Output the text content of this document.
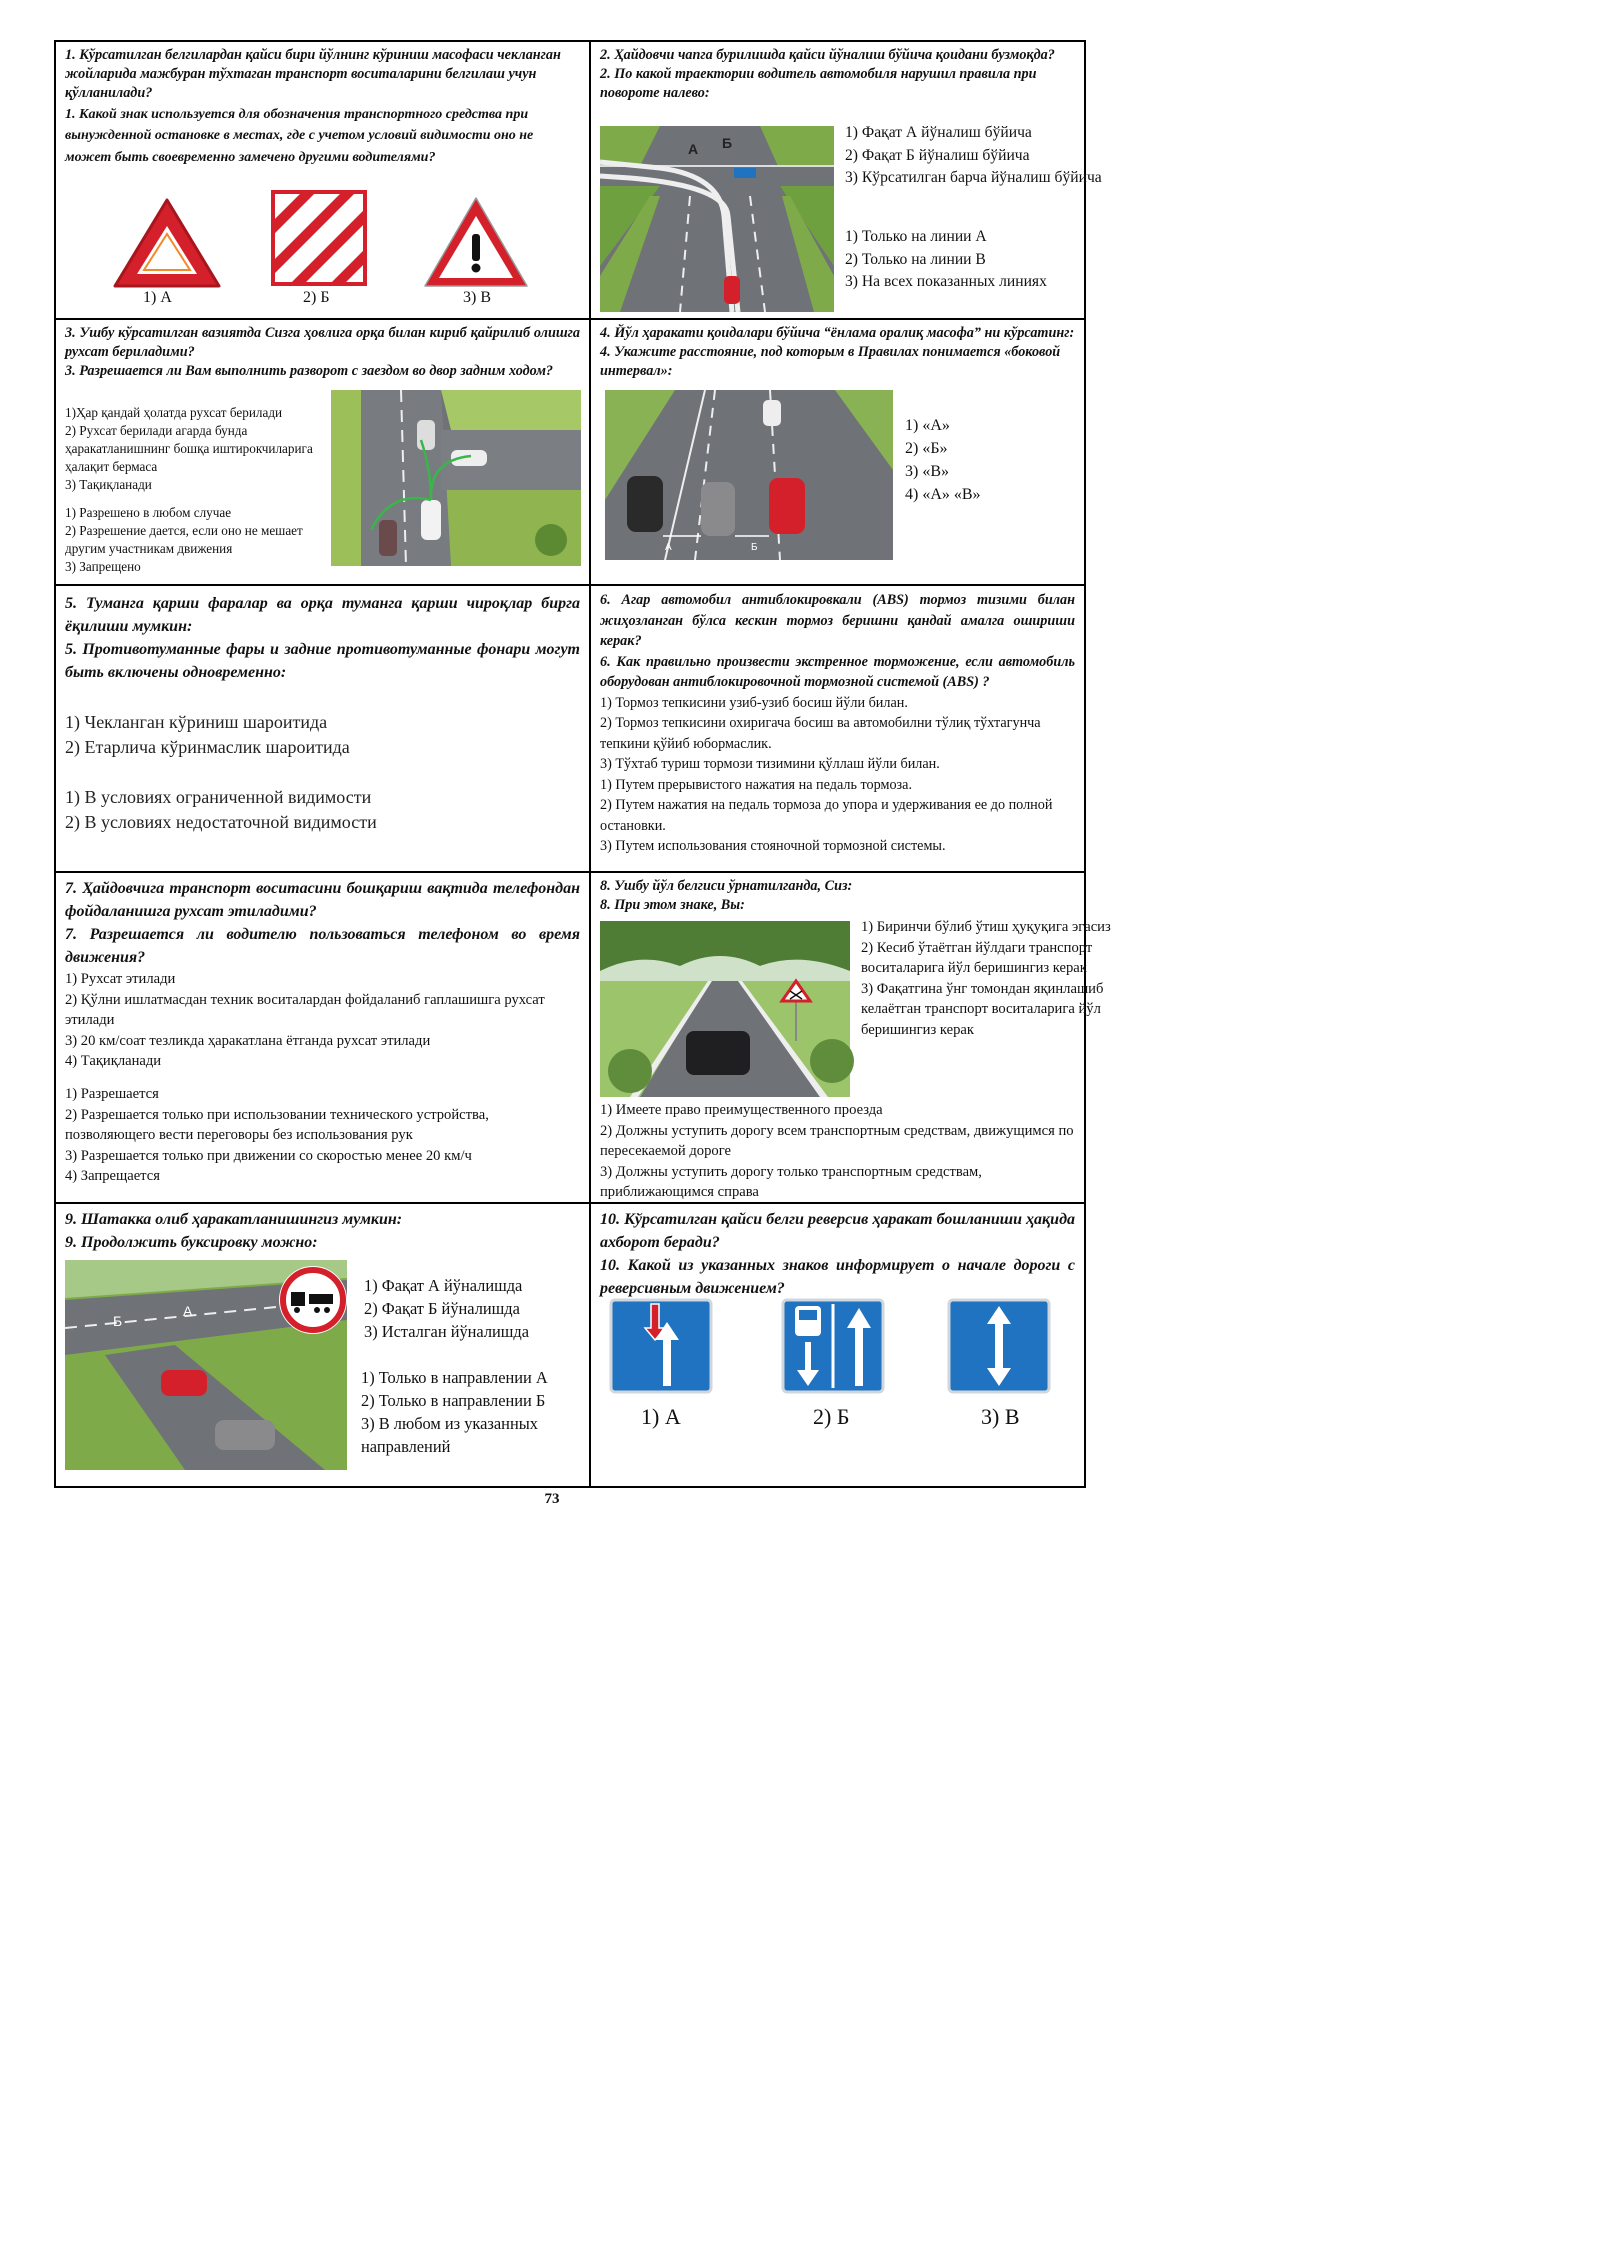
1. Кўрсатилган белгилардан қайси бири йўлнинг кўриниш масофаси чекланган жойларида мажбуран тўхтаган транспорт воситаларини белгилаш учун қўлланилади?
1. Какой знак используется для обозначения транспортного средства при вынужденной остановке в местах, где с учетом условий видимости оно не может быть своевременно замечено другими водителями?
1) А	2) Б	3) В
2. Ҳайдовчи чапга бурилишда қайси йўналиш бўйича қоидани бузмоқда?
2. По какой траектории водитель автомобиля нарушил правила при повороте налево:
А Б
1) Фақат А йўналиш бўйича
2) Фақат Б йўналиш бўйича
3) Кўрсатилган барча йўналиш бўйича
1) Только на линии А
2) Только на линии В
3) На всех показанных линиях
3. Ушбу кўрсатилган вазиятда Сизга ҳовлига орқа билан кириб қайрилиб олишга рухсат бериладими?
3. Разрешается ли Вам выполнить разворот с заездом во двор задним ходом?
1)Ҳар қандай ҳолатда рухсат берилади
2) Рухсат берилади агарда бунда ҳаракатланишнинг бошқа иштирокчиларига ҳалақит бермаса
3) Тақиқланади
1) Разрешено в любом случае
2) Разрешение дается, если оно не мешает другим участникам движения
3) Запрещено
4. Йўл ҳаракати қоидалари бўйича “ёнлама оралиқ масофа” ни кўрсатинг:
4. Укажите расстояние, под которым в Правилах понимается «боковой интервал»:
A	Б
1) «А»
2) «Б»
3) «В»
4) «А» «В»
5. Туманга қарши фаралар ва орқа туманга қарши чироқлар бирга ёқилиши мумкин:
5. Противотуманные фары и задние противотуманные фонари могут быть включены одновременно:
1) Чекланган кўриниш шароитида
2) Етарлича кўринмаслик шароитида
1) В условиях ограниченной видимости
2) В условиях недостаточной видимости
6. Агар автомобил антиблокировкали (ABS) тормоз тизими билан жиҳозланган бўлса кескин тормоз беришни қандай амалга ошириши керак?
6. Как правильно произвести экстренное торможение, если автомобиль оборудован антиблокировочной тормозной системой (ABS) ?
1) Тормоз тепкисини узиб-узиб босиш йўли билан.
2) Тормоз тепкисини охиригача босиш ва автомобилни тўлиқ тўхтагунча тепкини қўйиб юбормаслик.
3) Тўхтаб туриш тормози тизимини қўллаш йўли билан.
1) Путем прерывистого нажатия на педаль тормоза.
2) Путем нажатия на педаль тормоза до упора и удерживания ее до полной остановки.
3) Путем использования стояночной тормозной системы.
7. Ҳайдовчига транспорт воситасини бошқариш вақтида телефондан фойдаланишга рухсат этиладими?
7. Разрешается ли водителю пользоваться телефоном во время движения?
1) Рухсат этилади
2) Қўлни ишлатмасдан техник воситалардан фойдаланиб гаплашишга рухсат этилади
3) 20 км/соат тезликда ҳаракатлана ётганда рухсат этилади
4) Тақиқланади
1) Разрешается
2) Разрешается только при использовании технического устройства, позволяющего вести переговоры без использования рук
3) Разрешается только при движении со скоростью менее 20 км/ч
4) Запрещается
8. Ушбу йўл белгиси ўрнатилганда, Сиз:
8. При этом знаке, Вы:
1) Биринчи бўлиб ўтиш ҳуқуқига эгасиз
2) Кесиб ўтаётган йўлдаги транспорт воситаларига йўл беришингиз керак
3) Фақатгина ўнг томондан яқинлашиб келаётган транспорт воситаларига йўл беришингиз керак
1) Имеете право преимущественного проезда
2) Должны уступить дорогу всем транспортным средствам, движущимся по пересекаемой дороге
3) Должны уступить дорогу только транспортным средствам, приближающимся справа
9. Шатакка олиб ҳаракатланишингиз мумкин:
9. Продолжить буксировку можно:
Б
А
1) Фақат А йўналишда
2) Фақат Б йўналишда
3) Исталган йўналишда
1) Только в направлении А
2) Только в направлении Б
3) В любом из указанных направлений
10. Кўрсатилган қайси белги реверсив ҳаракат бошланиши ҳақида ахборот беради?
10. Какой из указанных знаков информирует о начале дороги с реверсивным движением?
1) А	2) Б	3) В
73
